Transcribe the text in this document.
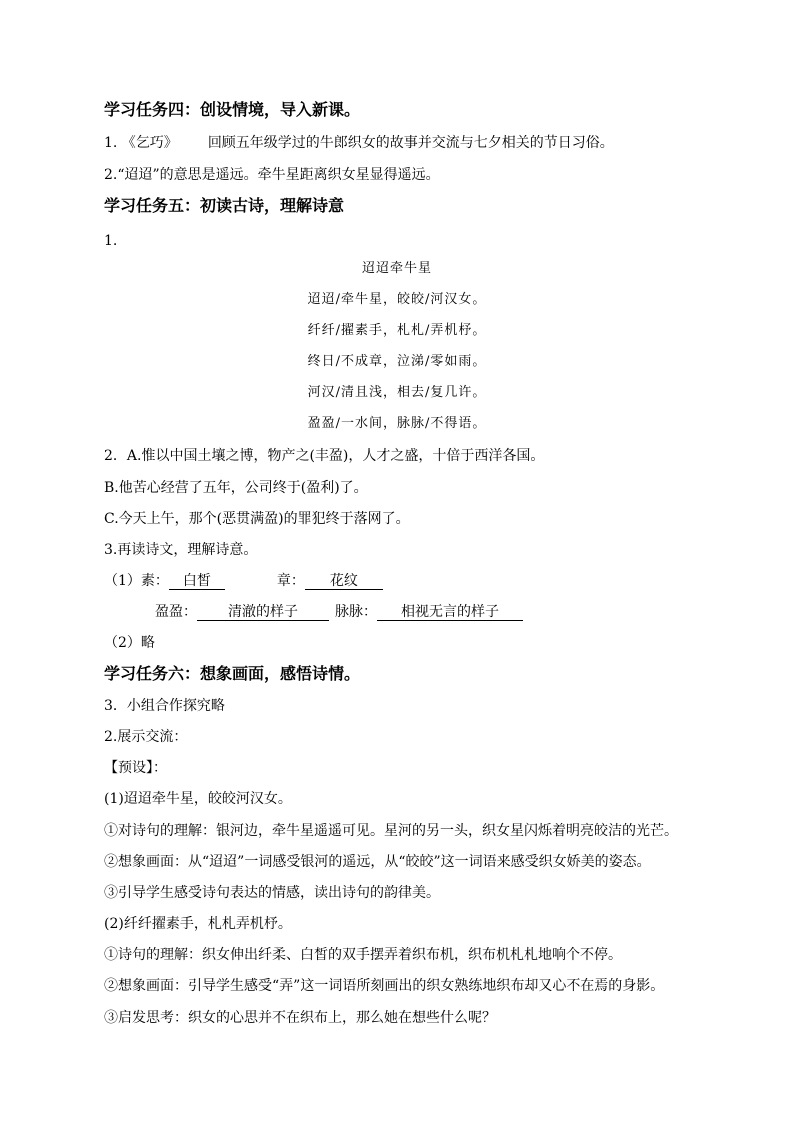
学习任务四：创设情境，导入新课。
1. 《乞巧》 回顾五年级学过的牛郎织女的故事并交流与七夕相关的节日习俗。
2.“迢迢”的意思是遥远。牵牛星距离织女星显得遥远。
学习任务五：初读古诗，理解诗意
1.
迢迢牵牛星
迢迢/牵牛星，皎皎/河汉女。
纤纤/擢素手，札札/弄机杼。
终日/不成章，泣涕/零如雨。
河汉/清且浅，相去/复几许。
盈盈/一水间，脉脉/不得语。
2．A.惟以中国土壤之博，物产之(丰盈)，人才之盛，十倍于西洋各国。
B.他苦心经营了五年，公司终于(盈利)了。
C.今天上午，那个(恶贯满盈)的罪犯终于落网了。
3.再读诗文，理解诗意。
（1）素： 白皙	章： 花纹
盈盈： 清澈的样子	脉脉： 相视无言的样子
（2）略
学习任务六：想象画面，感悟诗情。
3．小组合作探究略
2.展示交流：
【预设】：
(1)迢迢牵牛星，皎皎河汉女。
①对诗句的理解：银河边，牵牛星遥遥可见。星河的另一头，织女星闪烁着明亮皎洁的光芒。
②想象画面：从“迢迢”一词感受银河的遥远，从“皎皎”这一词语来感受织女娇美的姿态。
③引导学生感受诗句表达的情感，读出诗句的韵律美。
(2)纤纤擢素手，札札弄机杼。
①诗句的理解：织女伸出纤柔、白皙的双手摆弄着织布机，织布机札札地响个不停。
②想象画面：引导学生感受“弄”这一词语所刻画出的织女熟练地织布却又心不在焉的身影。
③启发思考：织女的心思并不在织布上，那么她在想些什么呢？
